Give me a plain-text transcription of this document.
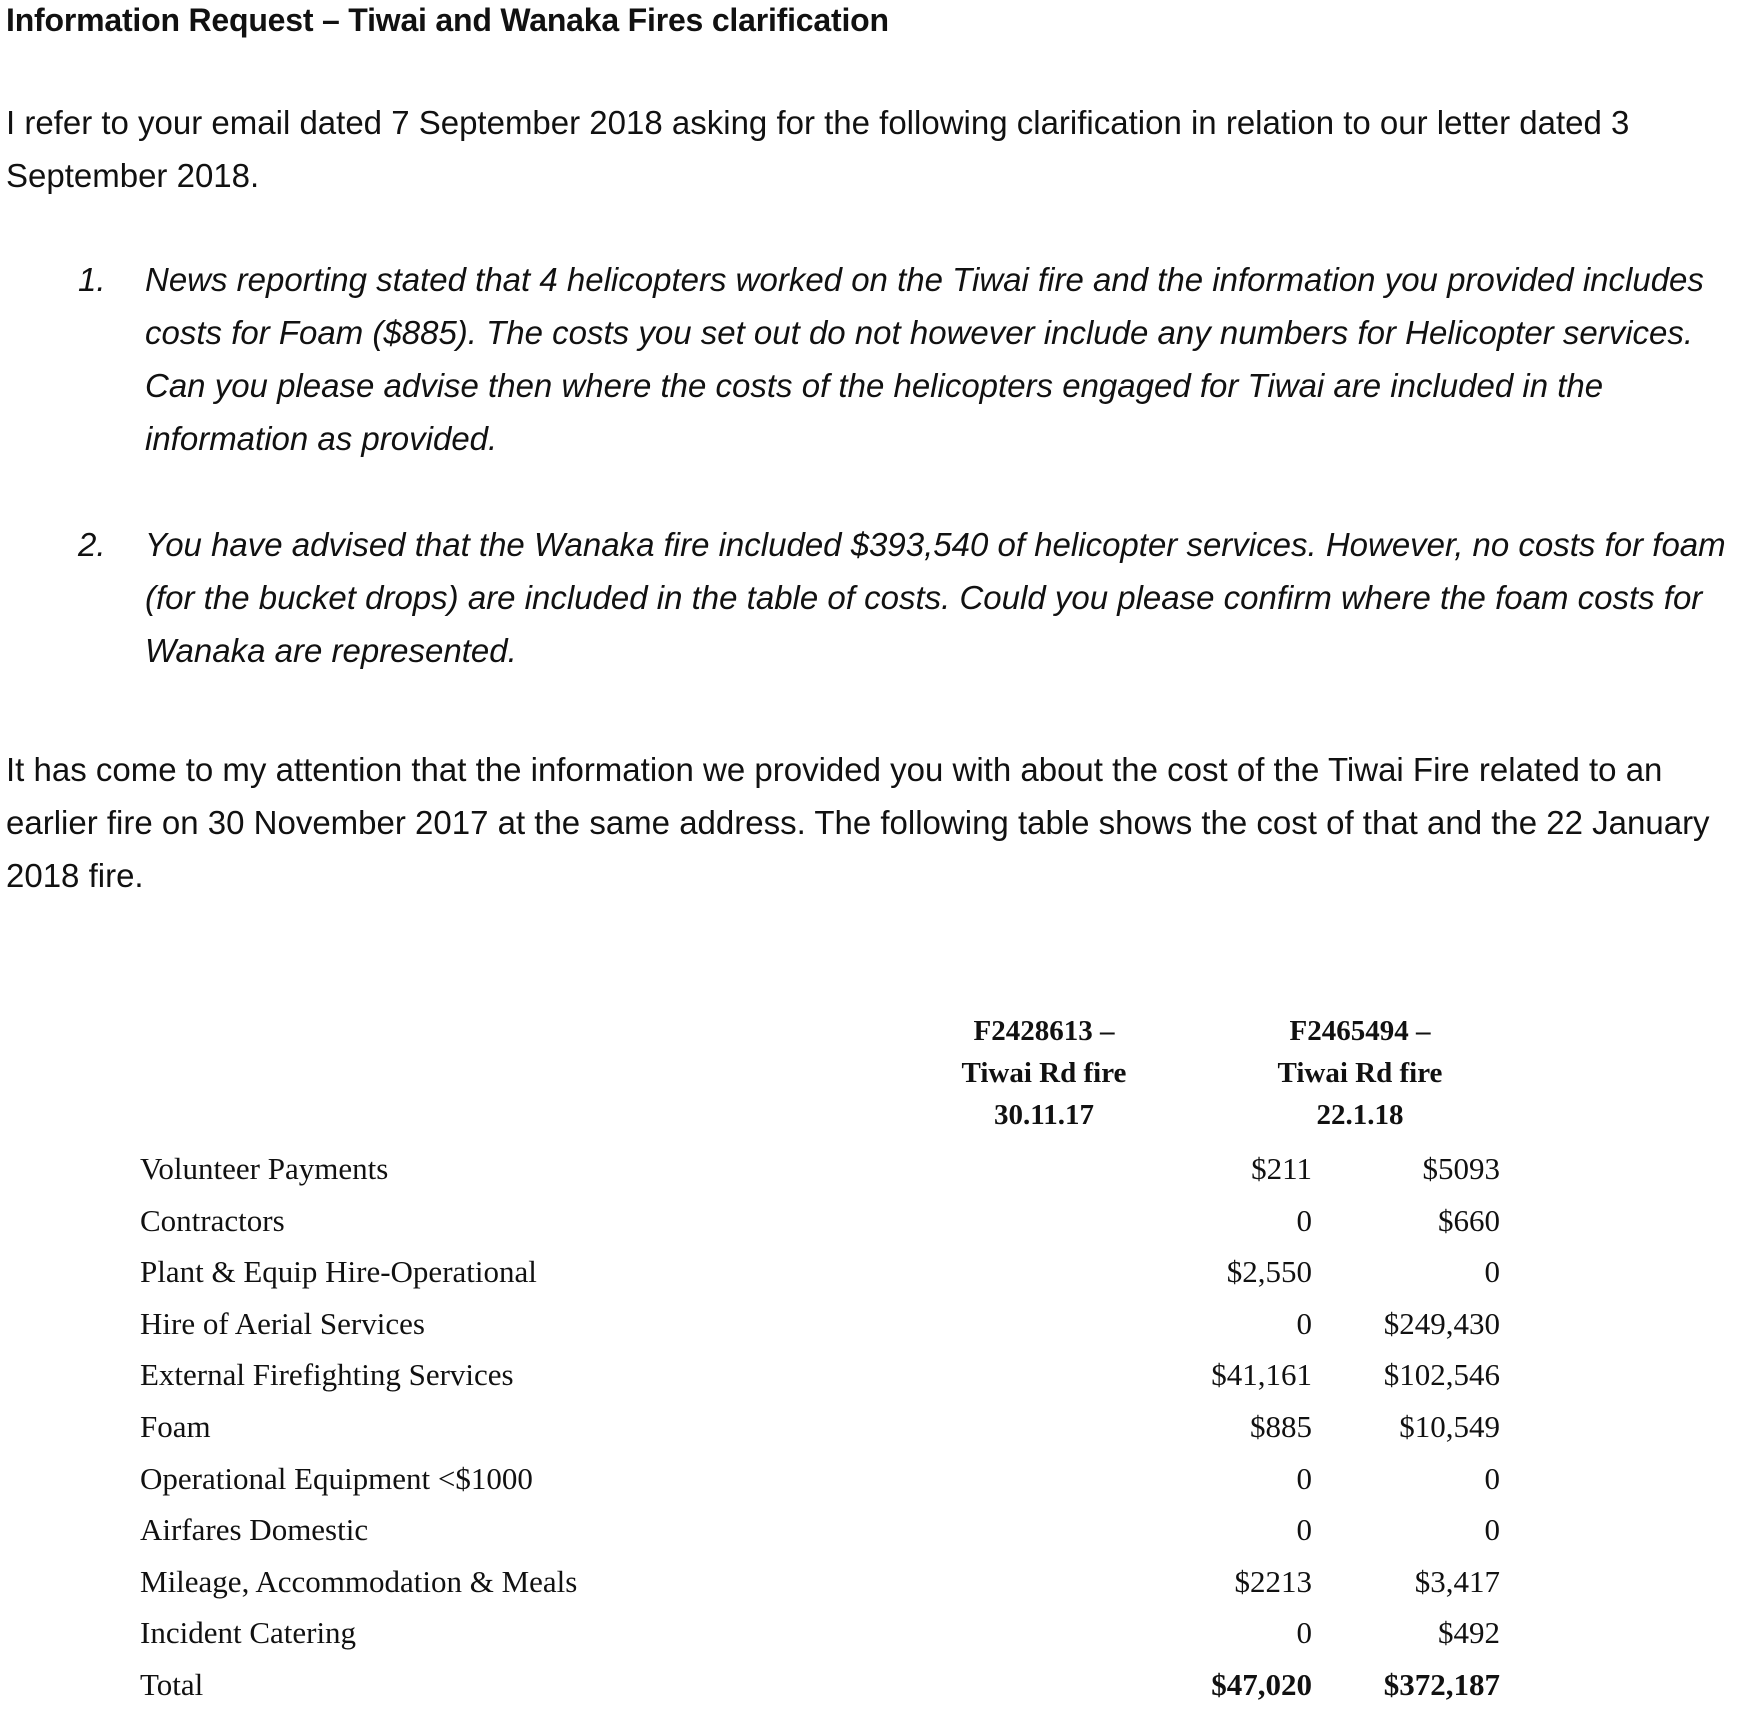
Information Request – Tiwai and Wanaka Fires clarification
I refer to your email dated 7 September 2018 asking for the following clarification in relation to our letter dated 3 September 2018.
1. News reporting stated that 4 helicopters worked on the Tiwai fire and the information you provided includes costs for Foam ($885). The costs you set out do not however include any numbers for Helicopter services. Can you please advise then where the costs of the helicopters engaged for Tiwai are included in the information as provided.
2. You have advised that the Wanaka fire included $393,540 of helicopter services. However, no costs for foam (for the bucket drops) are included in the table of costs. Could you please confirm where the foam costs for Wanaka are represented.
It has come to my attention that the information we provided you with about the cost of the Tiwai Fire related to an earlier fire on 30 November 2017 at the same address. The following table shows the cost of that and the 22 January 2018 fire.
F2428613 –
Tiwai Rd fire
30.11.17
F2465494 –
Tiwai Rd fire
22.1.18
Volunteer Payments	$211	$5093
Contractors	0	$660
Plant & Equip Hire-Operational	$2,550	0
Hire of Aerial Services	0 $249,430
External Firefighting Services	$41,161 $102,546
Foam	$885	$10,549
Operational Equipment <$1000	0	0
Airfares Domestic	0	0
Mileage, Accommodation & Meals	$2213	$3,417
Incident Catering	0	$492
Total	$47,020 $372,187
